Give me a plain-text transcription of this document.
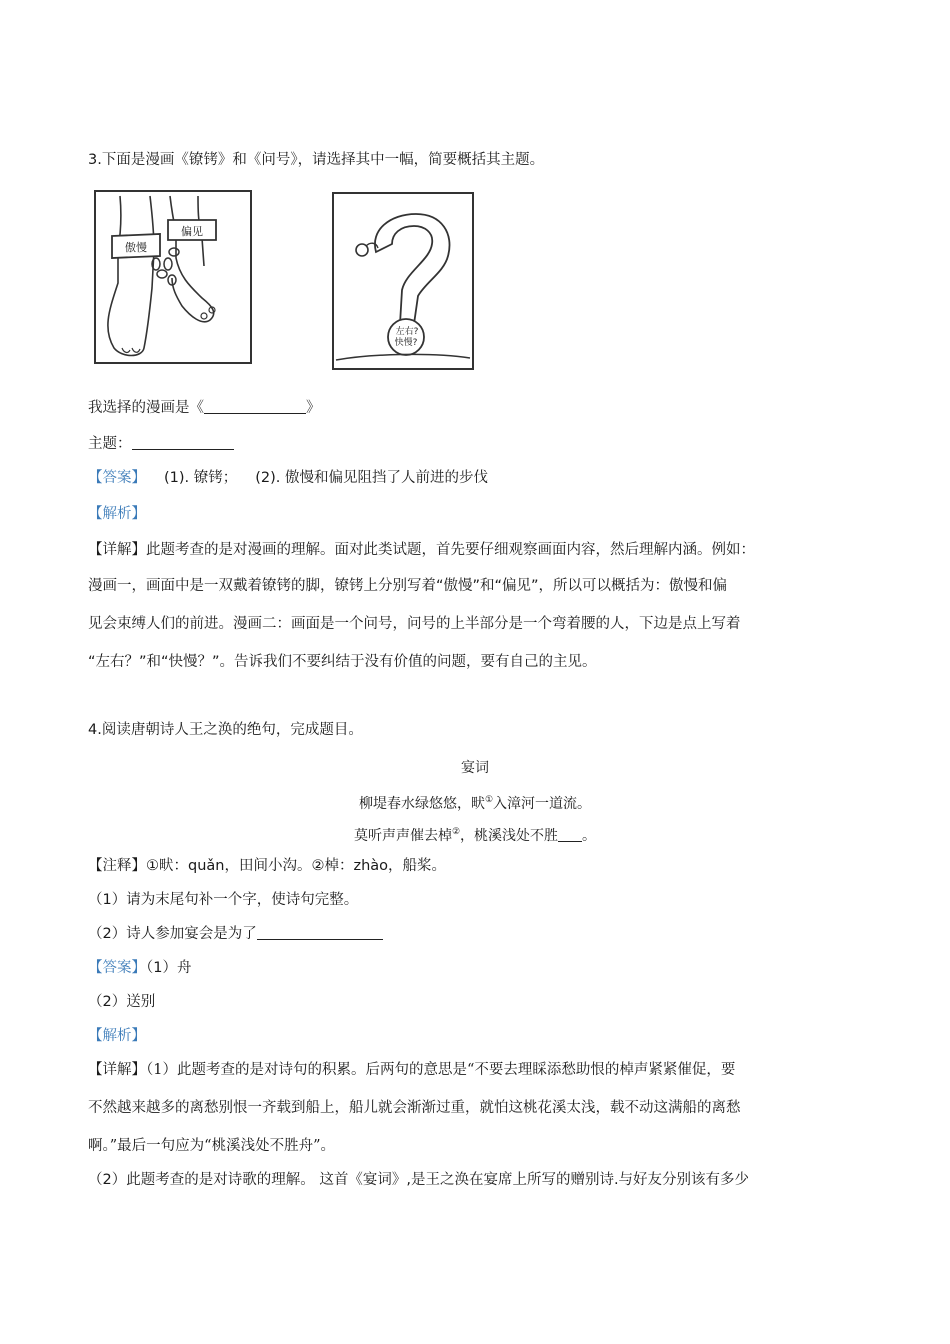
3.下面是漫画《镣铐》和《问号》，请选择其中一幅，简要概括其主题。
傲慢
偏见
左右?
快慢?
我选择的漫画是《	》
主题：
【答案】 (1). 镣铐； (2). 傲慢和偏见阻挡了人前进的步伐
【解析】
【详解】此题考查的是对漫画的理解。面对此类试题，首先要仔细观察画面内容，然后理解内涵。例如：
漫画一，画面中是一双戴着镣铐的脚，镣铐上分别写着“傲慢”和“偏见”，所以可以概括为：傲慢和偏
见会束缚人们的前进。漫画二：画面是一个问号，问号的上半部分是一个弯着腰的人，下边是点上写着
“左右？”和“快慢？”。告诉我们不要纠结于没有价值的问题，要有自己的主见。
4.阅读唐朝诗人王之涣的绝句，完成题目。
宴词
柳堤春水绿悠悠，畎①入漳河一道流。
莫听声声催去棹②，桃溪浅处不胜 。
【注释】①畎：quǎn，田间小沟。②棹：zhào，船桨。
（1）请为末尾句补一个字，使诗句完整。
（2）诗人参加宴会是为了
【答案】（1）舟
（2）送别
【解析】
【详解】（1）此题考查的是对诗句的积累。后两句的意思是“不要去理睬添愁助恨的棹声紧紧催促，要
不然越来越多的离愁别恨一齐载到船上，船儿就会渐渐过重，就怕这桃花溪太浅，载不动这满船的离愁
啊。”最后一句应为“桃溪浅处不胜舟”。
（2）此题考查的是对诗歌的理解。 这首《宴词》,是王之涣在宴席上所写的赠别诗.与好友分别该有多少
